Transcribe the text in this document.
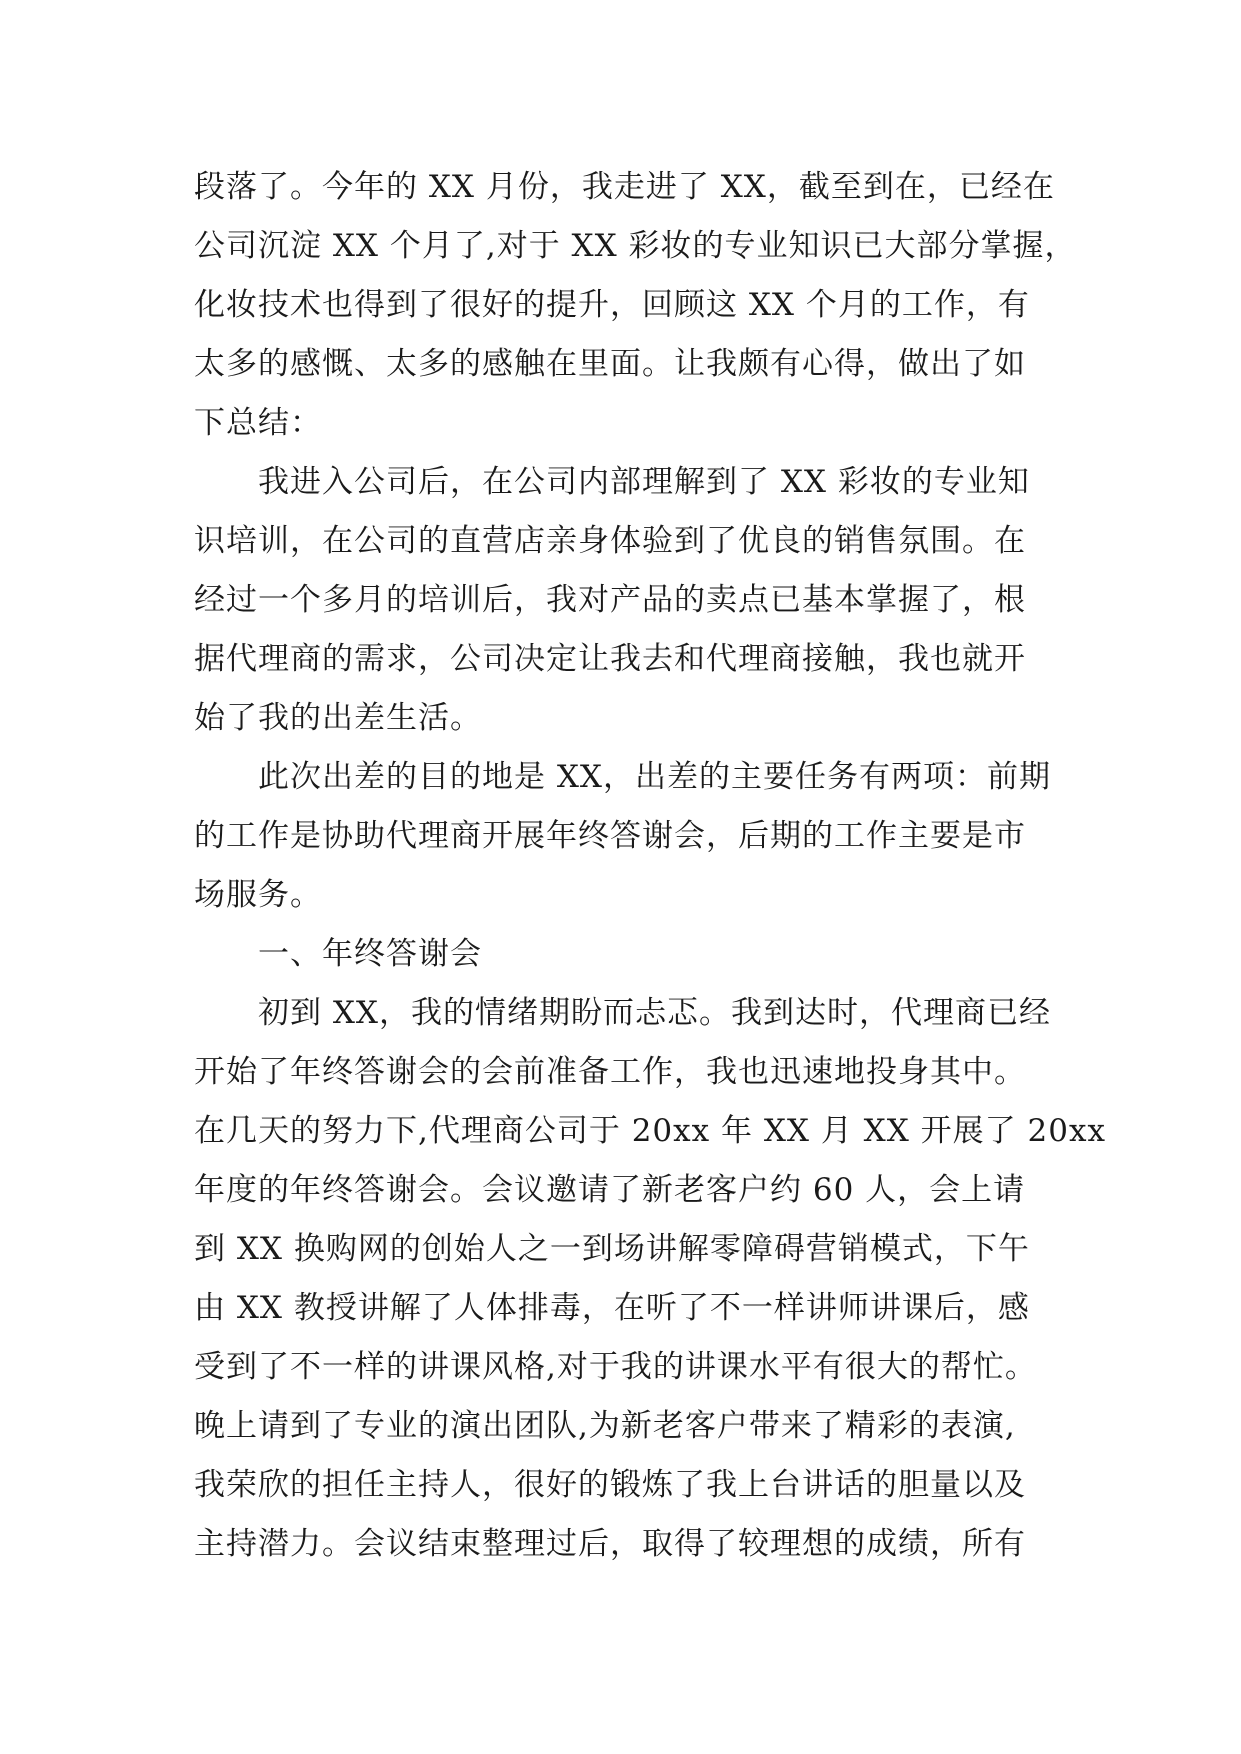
段落了。今年的 XX 月份，我走进了 XX，截至到在，已经在
公司沉淀 XX 个月了,对于 XX 彩妆的专业知识已大部分掌握，
化妆技术也得到了很好的提升，回顾这 XX 个月的工作，有
太多的感慨、太多的感触在里面。让我颇有心得，做出了如
下总结：
我进入公司后，在公司内部理解到了 XX 彩妆的专业知
识培训，在公司的直营店亲身体验到了优良的销售氛围。在
经过一个多月的培训后，我对产品的卖点已基本掌握了，根
据代理商的需求，公司决定让我去和代理商接触，我也就开
始了我的出差生活。
此次出差的目的地是 XX，出差的主要任务有两项：前期
的工作是协助代理商开展年终答谢会，后期的工作主要是市
场服务。
一、年终答谢会
初到 XX，我的情绪期盼而忐忑。我到达时，代理商已经
开始了年终答谢会的会前准备工作，我也迅速地投身其中。
在几天的努力下,代理商公司于 20xx 年 XX 月 XX 开展了 20xx
年度的年终答谢会。会议邀请了新老客户约 60 人，会上请
到 XX 换购网的创始人之一到场讲解零障碍营销模式，下午
由 XX 教授讲解了人体排毒，在听了不一样讲师讲课后，感
受到了不一样的讲课风格,对于我的讲课水平有很大的帮忙。
晚上请到了专业的演出团队,为新老客户带来了精彩的表演,
我荣欣的担任主持人，很好的锻炼了我上台讲话的胆量以及
主持潜力。会议结束整理过后，取得了较理想的成绩，所有
